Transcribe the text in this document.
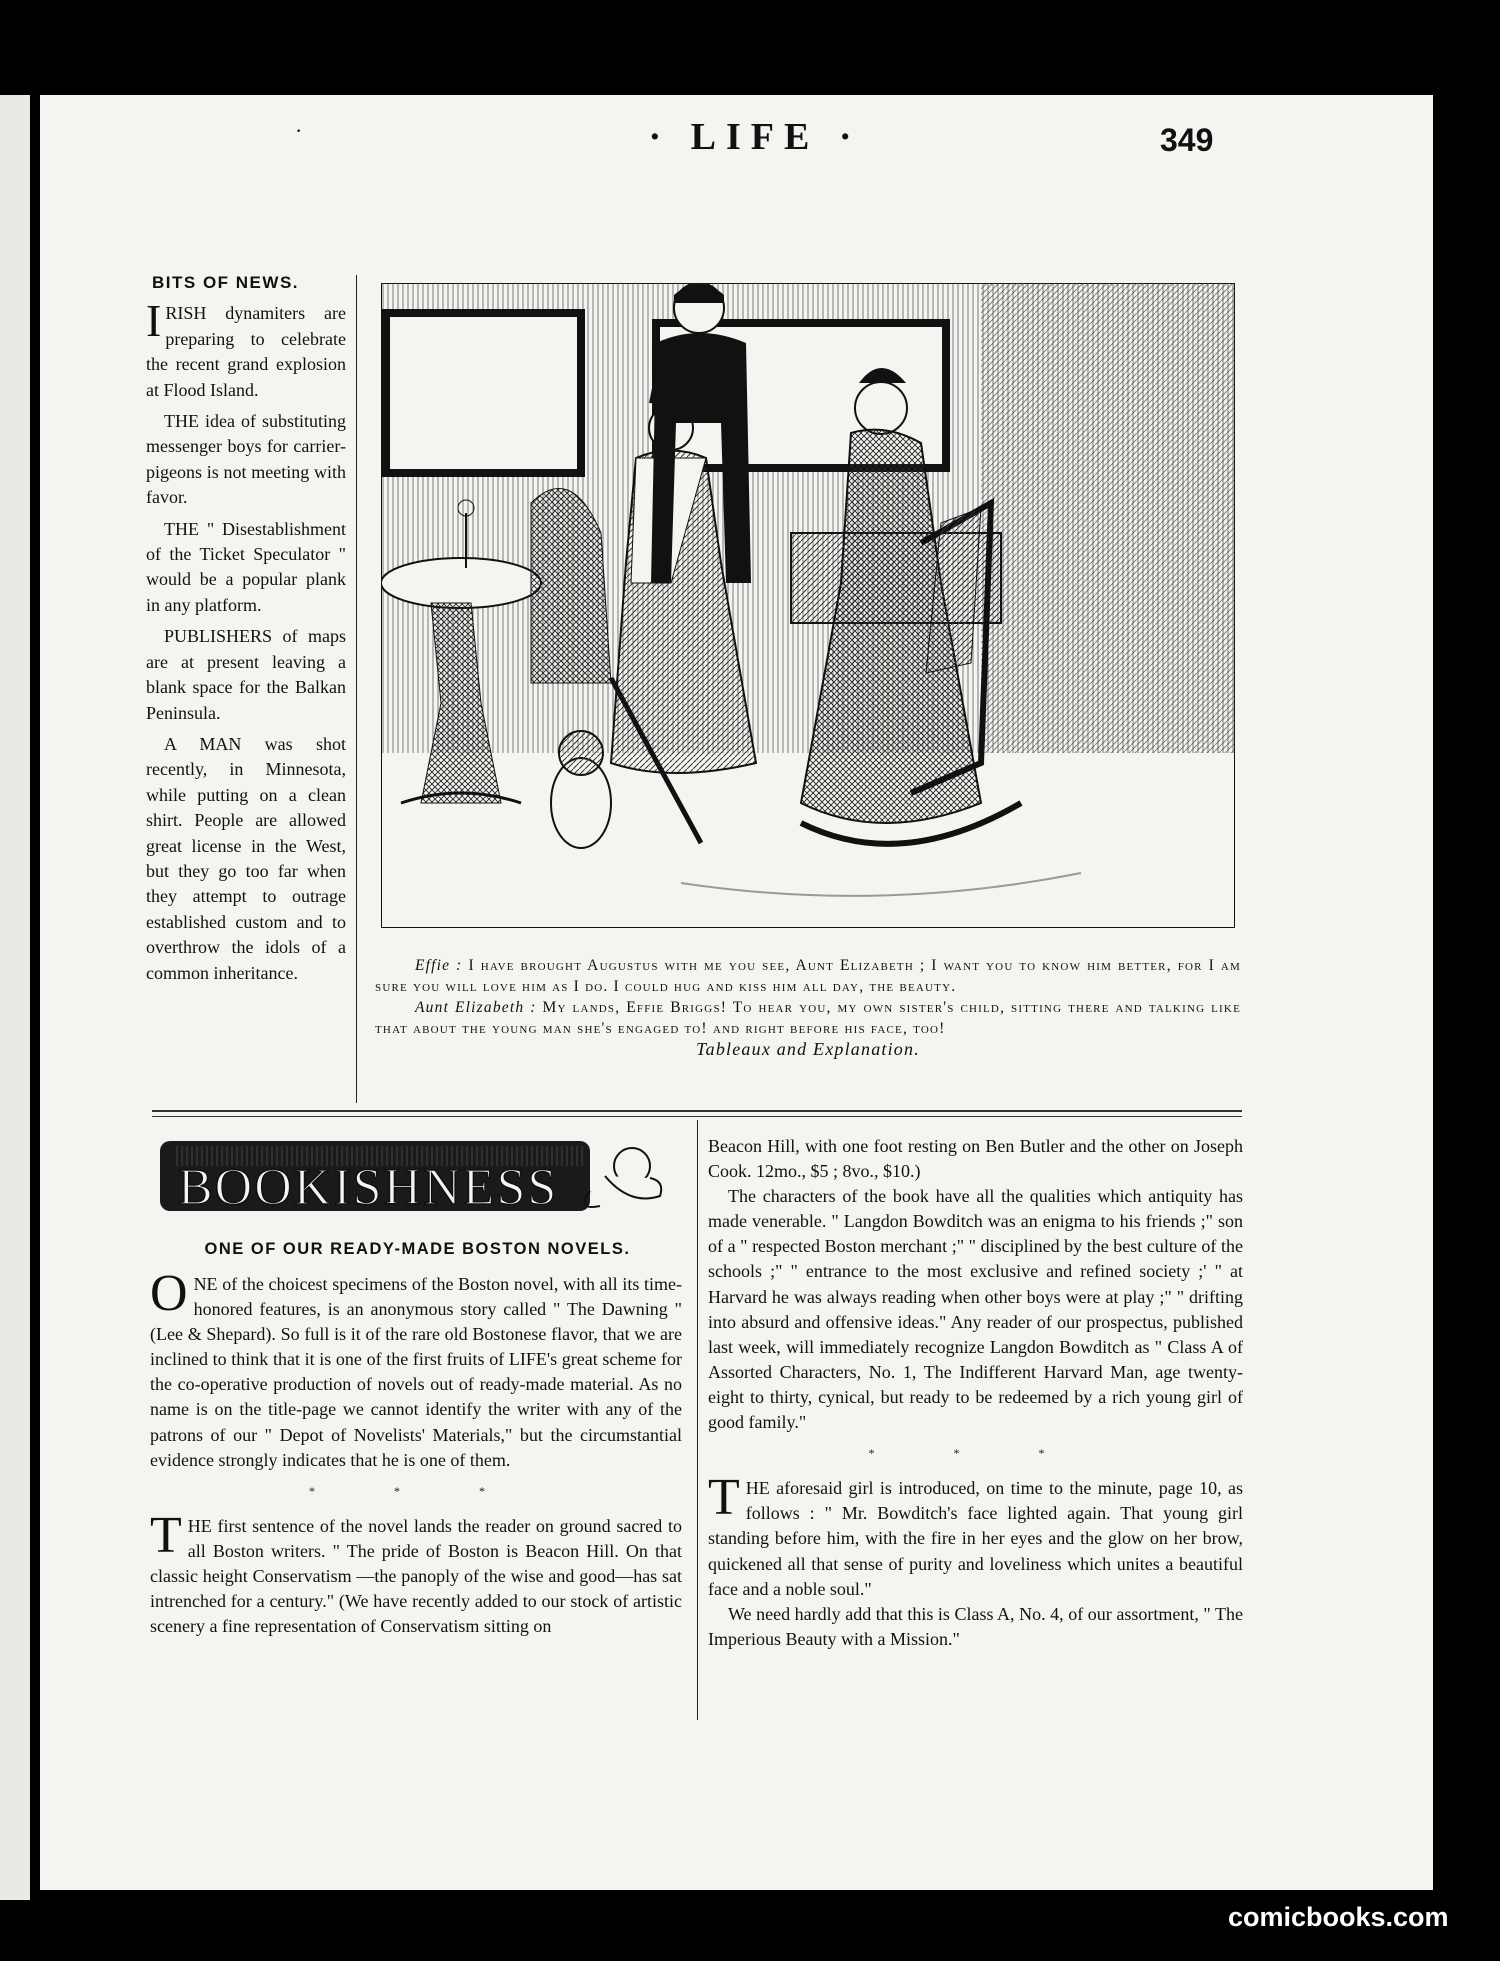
·	· LIFE ·	349
BITS OF NEWS.

IRISH dynamiters are preparing to celebrate the recent grand explosion at Flood Island.

THE idea of substituting messenger boys for carrier-pigeons is not meeting with favor.

THE " Disestablishment of the Ticket Speculator " would be a popular plank in any platform.

PUBLISHERS of maps are at present leaving a blank space for the Balkan Peninsula.

A MAN was shot recently, in Minnesota, while putting on a clean shirt. People are allowed great license in the West, but they go too far when they attempt to outrage established custom and to overthrow the idols of a common inheritance.	Effie : I have brought Augustus with me you see, Aunt Elizabeth ; I want you to know him better, for I am sure you will love him as I do. I could hug and kiss him all day, the beauty.

Aunt Elizabeth : My lands, Effie Briggs! To hear you, my own sister's child, sitting there and talking like that about the young man she's engaged to! and right before his face, too!

Tableaux and Explanation.

BOOKISHNESS
ONE OF OUR READY-MADE BOSTON NOVELS.

ONE of the choicest specimens of the Boston novel, with all its time-honored features, is an anonymous story called " The Dawning " (Lee & Shepard). So full is it of the rare old Bostonese flavor, that we are inclined to think that it is one of the first fruits of LIFE's great scheme for the co-operative production of novels out of ready-made material. As no name is on the title-page we cannot identify the writer with any of the patrons of our " Depot of Novelists' Materials," but the circumstantial evidence strongly indicates that he is one of them.

* * *

THE first sentence of the novel lands the reader on ground sacred to all Boston writers. " The pride of Boston is Beacon Hill. On that classic height Conservatism —the panoply of the wise and good—has sat intrenched for a century." (We have recently added to our stock of artistic scenery a fine representation of Conservatism sitting on

Beacon Hill, with one foot resting on Ben Butler and the other on Joseph Cook. 12mo., $5 ; 8vo., $10.)

The characters of the book have all the qualities which antiquity has made venerable. " Langdon Bowditch was an enigma to his friends ;" son of a " respected Boston merchant ;" " disciplined by the best culture of the schools ;" " entrance to the most exclusive and refined society ;' " at Harvard he was always reading when other boys were at play ;" " drifting into absurd and offensive ideas." Any reader of our prospectus, published last week, will immediately recognize Langdon Bowditch as " Class A of Assorted Characters, No. 1, The Indifferent Harvard Man, age twenty-eight to thirty, cynical, but ready to be redeemed by a rich young girl of good family."

* * *

THE aforesaid girl is introduced, on time to the minute, page 10, as follows : " Mr. Bowditch's face lighted again. That young girl standing before him, with the fire in her eyes and the glow on her brow, quickened all that sense of purity and loveliness which unites a beautiful face and a noble soul."

We need hardly add that this is Class A, No. 4, of our assortment, " The Imperious Beauty with a Mission."

comicbooks.com
